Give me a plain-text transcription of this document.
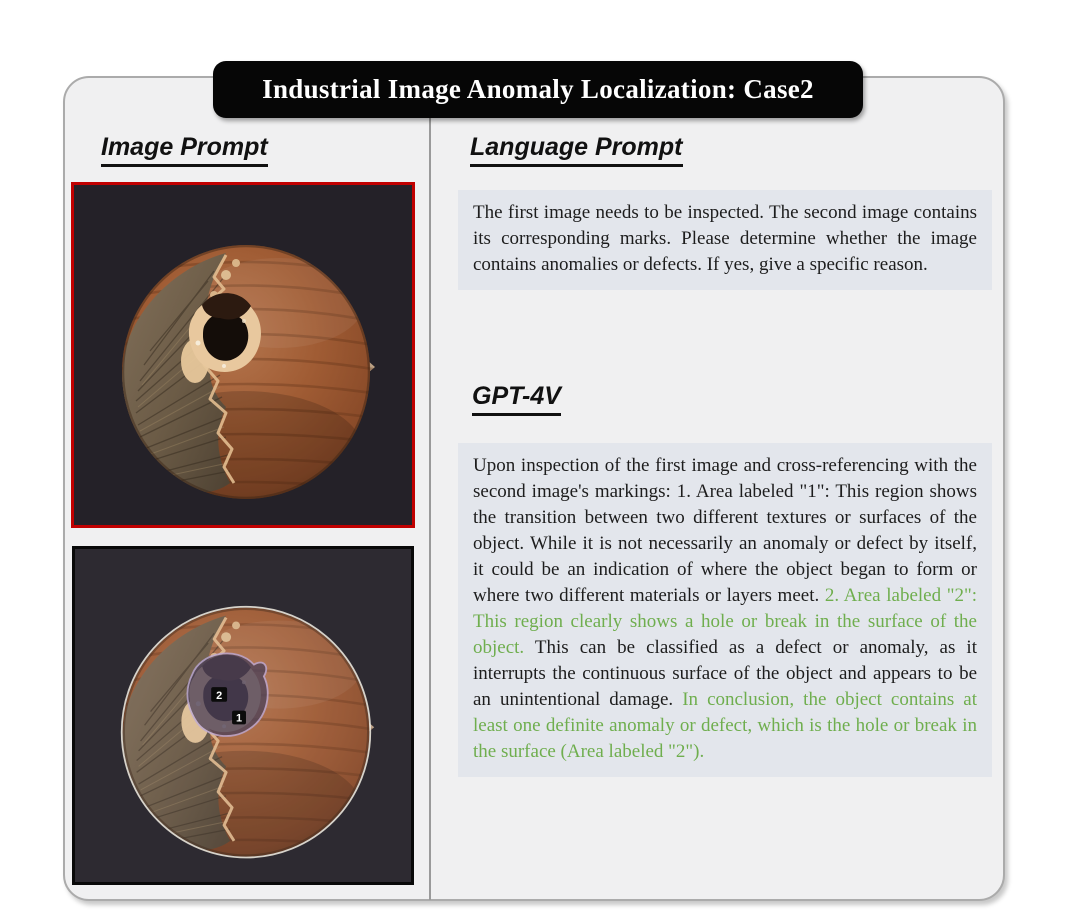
Industrial Image Anomaly Localization: Case2
Image Prompt	Language Prompt
GPT-4V
2
1
The first image needs to be inspected. The second image contains its corresponding marks. Please determine whether the image contains anomalies or defects. If yes, give a specific reason.
Upon inspection of the first image and cross-referencing with the second image's markings: 1. Area labeled "1": This region shows the transition between two different textures or surfaces of the object. While it is not necessarily an anomaly or defect by itself, it could be an indication of where the object began to form or where two different materials or layers meet. 2. Area labeled "2": This region clearly shows a hole or break in the surface of the object. This can be classified as a defect or anomaly, as it interrupts the continuous surface of the object and appears to be an unintentional damage. In conclusion, the object contains at least one definite anomaly or defect, which is the hole or break in the surface (Area labeled "2").
